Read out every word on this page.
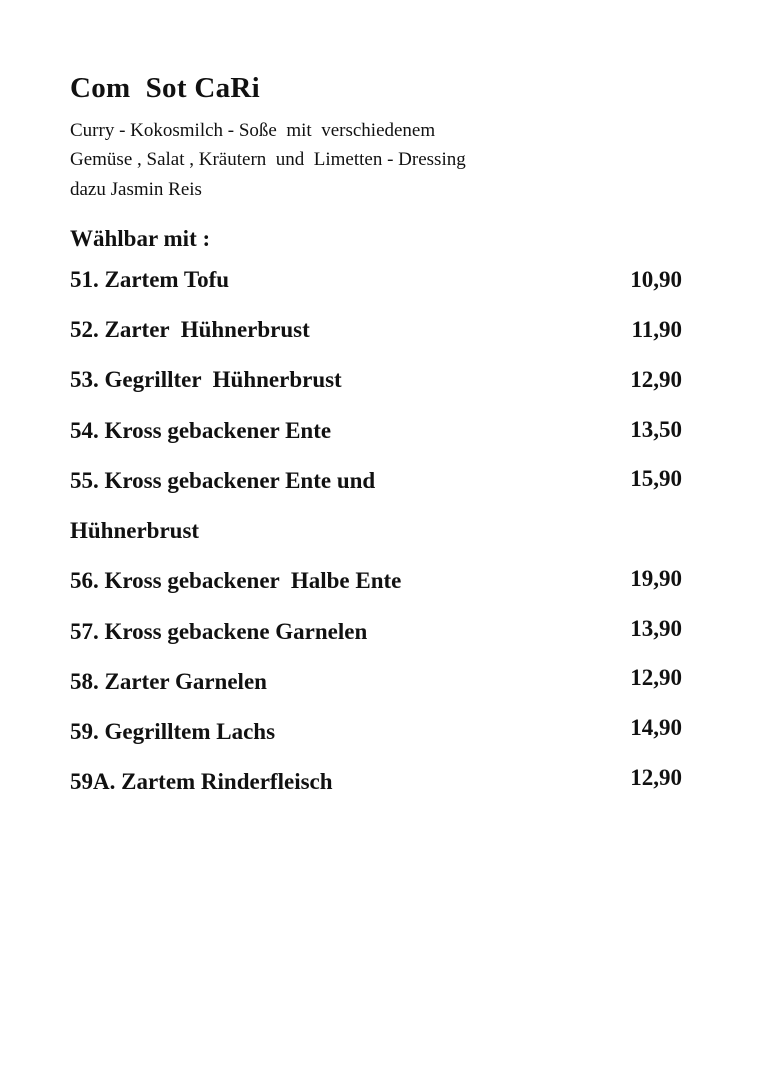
Com  Sot CaRi
Curry - Kokosmilch - Soße  mit  verschiedenem
Gemüse , Salat , Kräutern  und  Limetten - Dressing
dazu Jasmin Reis
Wählbar mit :
51. Zartem Tofu	10,90
52. Zarter  Hühnerbrust	11,90
53. Gegrillter  Hühnerbrust	12,90
54. Kross gebackener Ente	13,50
55. Kross gebackener Ente und	15,90
Hühnerbrust
56. Kross gebackener  Halbe Ente	19,90
57. Kross gebackene Garnelen	13,90
58. Zarter Garnelen	12,90
59. Gegrilltem Lachs	14,90
59A. Zartem Rinderfleisch	12,90
